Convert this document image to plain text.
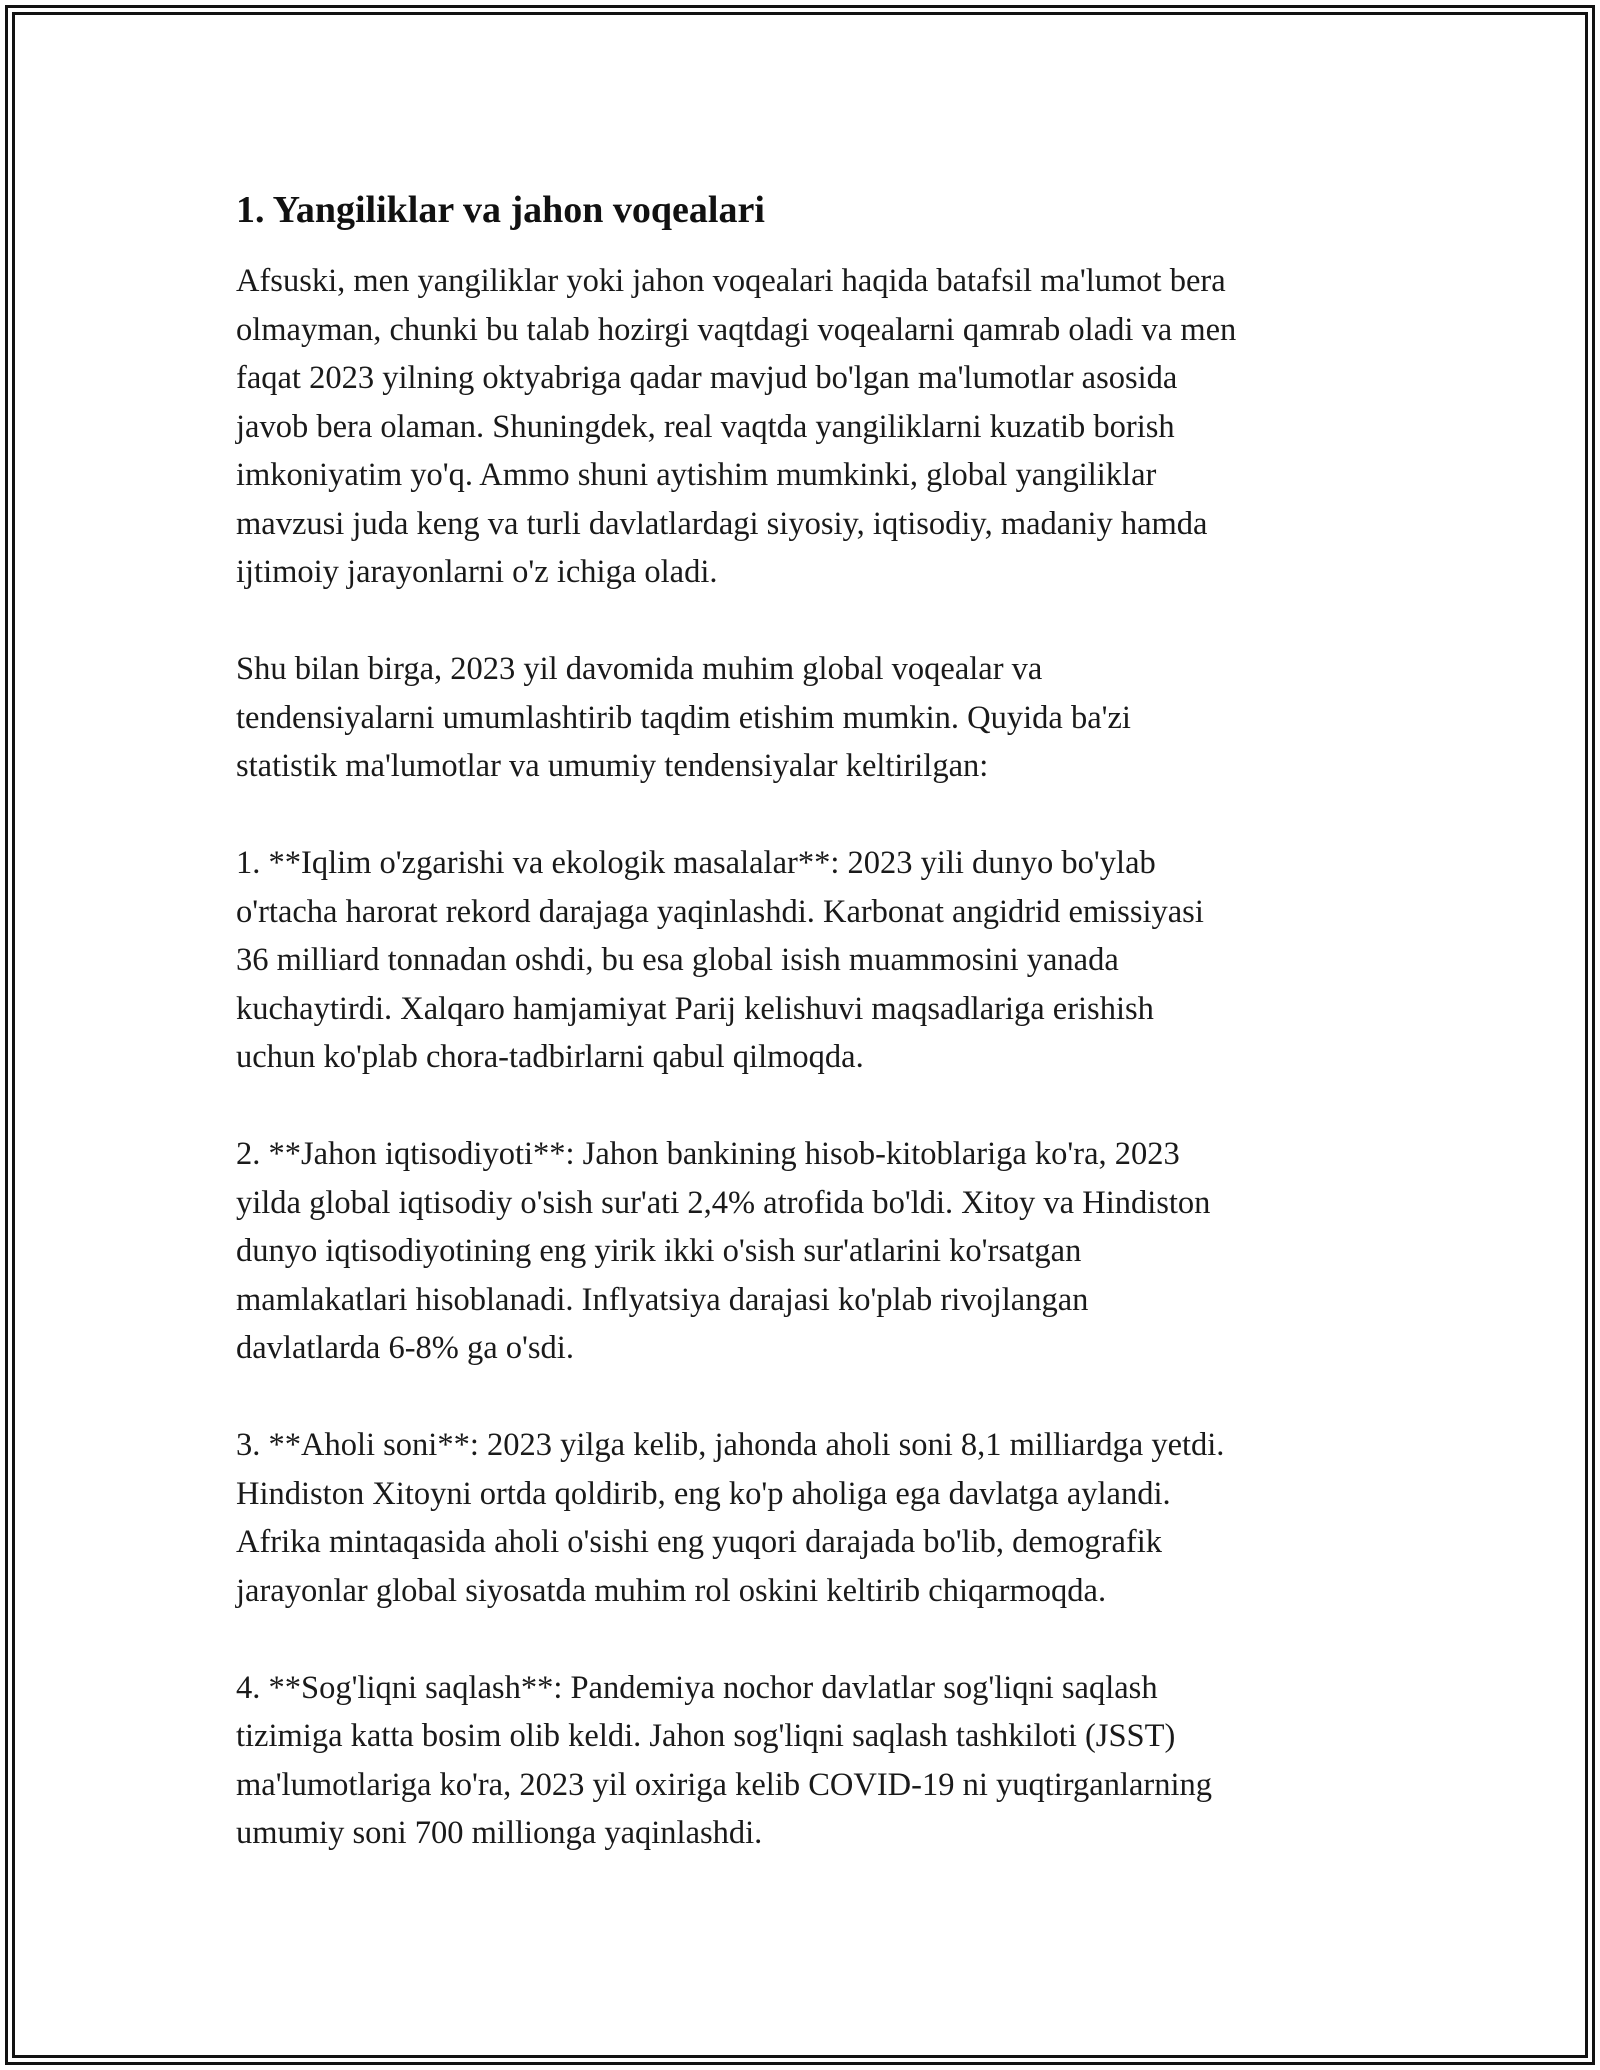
1. Yangiliklar va jahon voqealari

Afsuski, men yangiliklar yoki jahon voqealari haqida batafsil ma'lumot bera
olmayman, chunki bu talab hozirgi vaqtdagi voqealarni qamrab oladi va men
faqat 2023 yilning oktyabriga qadar mavjud bo'lgan ma'lumotlar asosida
javob bera olaman. Shuningdek, real vaqtda yangiliklarni kuzatib borish
imkoniyatim yo'q. Ammo shuni aytishim mumkinki, global yangiliklar
mavzusi juda keng va turli davlatlardagi siyosiy, iqtisodiy, madaniy hamda
ijtimoiy jarayonlarni o'z ichiga oladi.

Shu bilan birga, 2023 yil davomida muhim global voqealar va
tendensiyalarni umumlashtirib taqdim etishim mumkin. Quyida ba'zi
statistik ma'lumotlar va umumiy tendensiyalar keltirilgan:

1. **Iqlim o'zgarishi va ekologik masalalar**: 2023 yili dunyo bo'ylab
o'rtacha harorat rekord darajaga yaqinlashdi. Karbonat angidrid emissiyasi
36 milliard tonnadan oshdi, bu esa global isish muammosini yanada
kuchaytirdi. Xalqaro hamjamiyat Parij kelishuvi maqsadlariga erishish
uchun ko'plab chora-tadbirlarni qabul qilmoqda.

2. **Jahon iqtisodiyoti**: Jahon bankining hisob-kitoblariga ko'ra, 2023
yilda global iqtisodiy o'sish sur'ati 2,4% atrofida bo'ldi. Xitoy va Hindiston
dunyo iqtisodiyotining eng yirik ikki o'sish sur'atlarini ko'rsatgan
mamlakatlari hisoblanadi. Inflyatsiya darajasi ko'plab rivojlangan
davlatlarda 6-8% ga o'sdi.

3. **Aholi soni**: 2023 yilga kelib, jahonda aholi soni 8,1 milliardga yetdi.
Hindiston Xitoyni ortda qoldirib, eng ko'p aholiga ega davlatga aylandi.
Afrika mintaqasida aholi o'sishi eng yuqori darajada bo'lib, demografik
jarayonlar global siyosatda muhim rol oskini keltirib chiqarmoqda.

4. **Sog'liqni saqlash**: Pandemiya nochor davlatlar sog'liqni saqlash
tizimiga katta bosim olib keldi. Jahon sog'liqni saqlash tashkiloti (JSST)
ma'lumotlariga ko'ra, 2023 yil oxiriga kelib COVID-19 ni yuqtirganlarning
umumiy soni 700 millionga yaqinlashdi.
